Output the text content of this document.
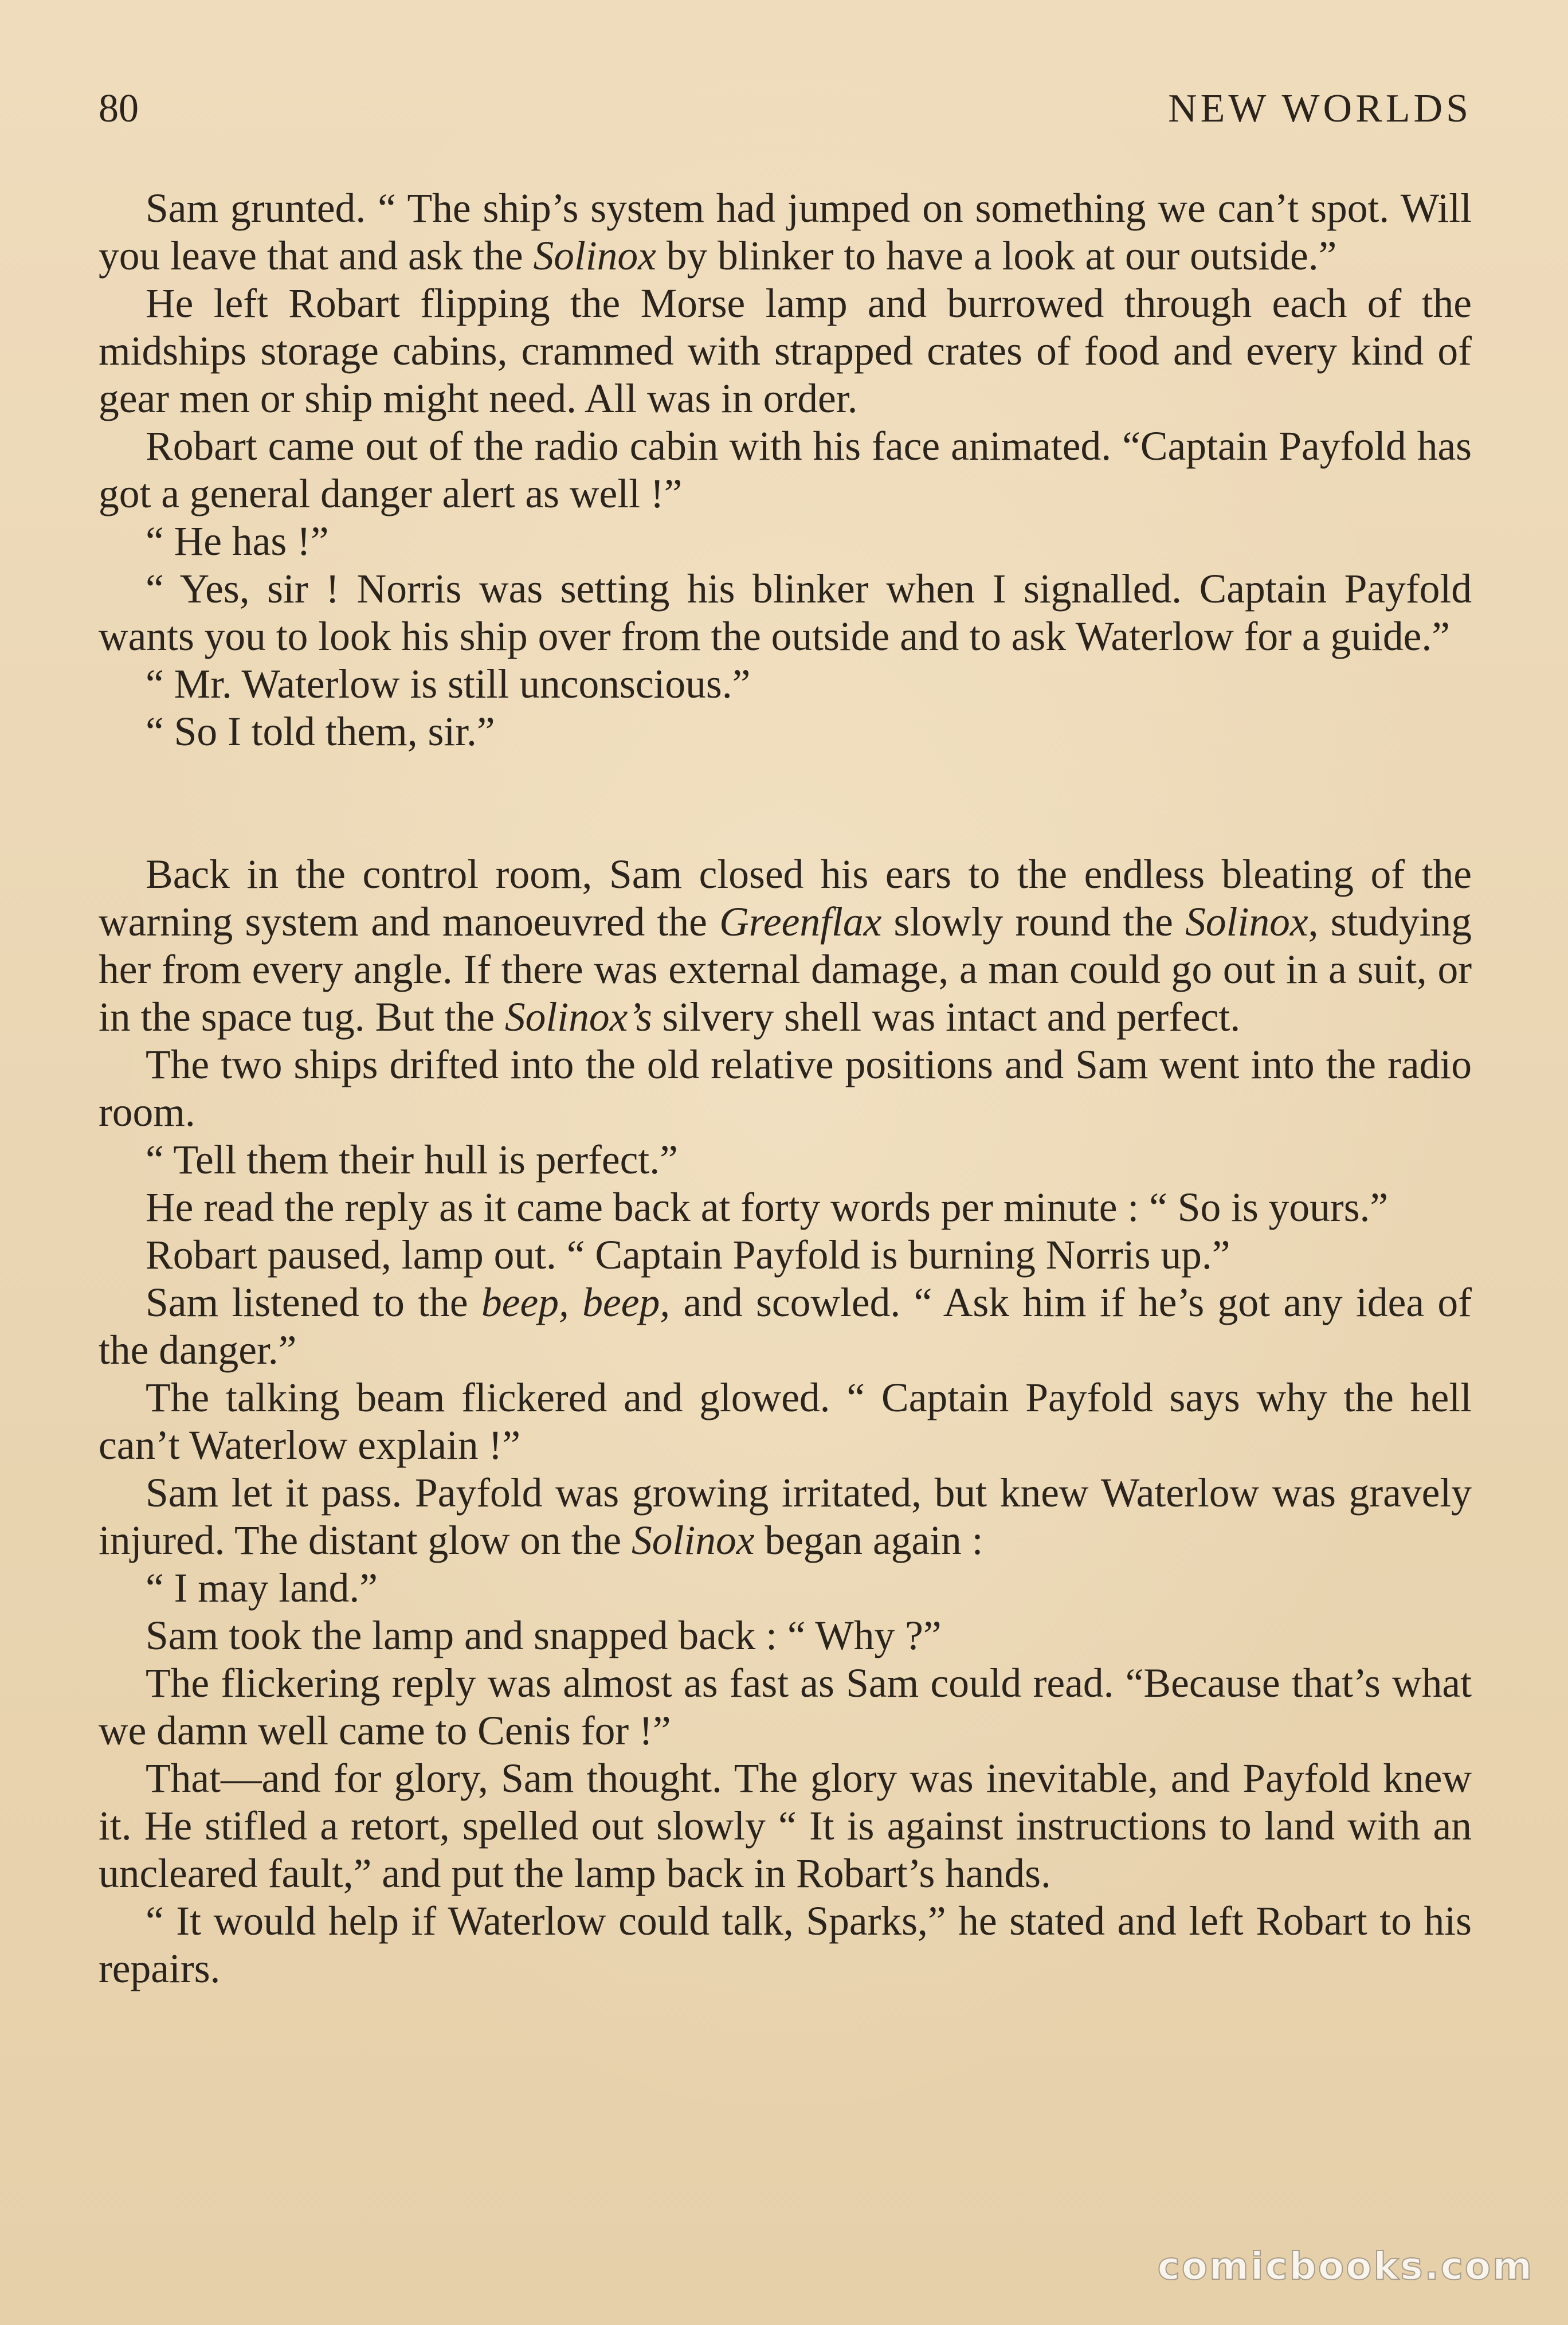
80	NEW WORLDS

Sam grunted. “ The ship’s system had jumped on something we can’t spot. Will you leave that and ask the Solinox by blinker to have a look at our outside.”

He left Robart flipping the Morse lamp and burrowed through each of the midships storage cabins, crammed with strapped crates of food and every kind of gear men or ship might need. All was in order.

Robart came out of the radio cabin with his face animated. “Captain Payfold has got a general danger alert as well !”

“ He has !”

“ Yes, sir ! Norris was setting his blinker when I signalled. Captain Payfold wants you to look his ship over from the outside and to ask Waterlow for a guide.”

“ Mr. Waterlow is still unconscious.”

“ So I told them, sir.”

Back in the control room, Sam closed his ears to the endless bleating of the warning system and manoeuvred the Greenflax slowly round the Solinox, studying her from every angle. If there was external damage, a man could go out in a suit, or in the space tug. But the Solinox’s silvery shell was intact and perfect.

The two ships drifted into the old relative positions and Sam went into the radio room.

“ Tell them their hull is perfect.”

He read the reply as it came back at forty words per minute : “ So is yours.”

Robart paused, lamp out. “ Captain Payfold is burning Norris up.”

Sam listened to the beep, beep, and scowled. “ Ask him if he’s got any idea of the danger.”

The talking beam flickered and glowed. “ Captain Payfold says why the hell can’t Waterlow explain !”

Sam let it pass. Payfold was growing irritated, but knew Waterlow was gravely injured. The distant glow on the Solinox began again :

“ I may land.”

Sam took the lamp and snapped back : “ Why ?”

The flickering reply was almost as fast as Sam could read. “Because that’s what we damn well came to Cenis for !”

That—and for glory, Sam thought. The glory was inevitable, and Payfold knew it. He stifled a retort, spelled out slowly “ It is against instructions to land with an uncleared fault,” and put the lamp back in Robart’s hands.

“ It would help if Waterlow could talk, Sparks,” he stated and left Robart to his repairs.

comicbooks.com
